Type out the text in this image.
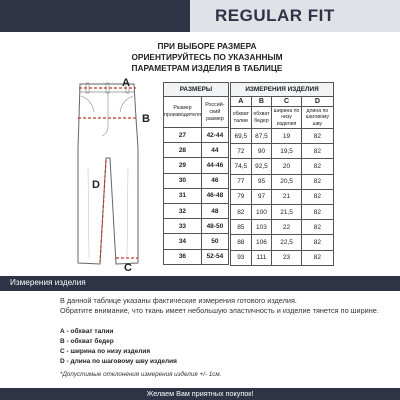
REGULAR FIT
ПРИ ВЫБОРЕ РАЗМЕРА
ОРИЕНТИРУЙТЕСЬ ПО УКАЗАННЫМ
ПАРАМЕТРАМ ИЗДЕЛИЯ В ТАБЛИЦЕ
A
B
C
D
РАЗМЕРЫ	
Размер производителя	Россий-ский размер
27	42-44
28	44
29	44-46
30	46
31	46-48
32	48
33	48-50
34	50
36	52-54
ИЗМЕРЕНИЯ ИЗДЕЛИЯ			
A	B	C	D
обхват талии	обхват бедер	ширина по низу изделия	длина по шаговому шву
69,5	87,5	19	82
72	90	19,5	82
74,5	92,5	20	82
77	95	20,5	82
79	97	21	82
82	100	21,5	82
85	103	22	82
88	106	22,5	82
93	111	23	82
Измерения изделия
В данной таблице указаны фактические измерения готового изделия.
Обратите внимание, что ткань имеет небольшую эластичность и изделие тянется по ширине.
А - обхват талии
В - обхват бедер
С - ширина по низу изделия
D - длина по шаговому шву изделия
*Допустимые отклонения измерения изделия +/- 1см.
Желаем Вам приятных покупок!
